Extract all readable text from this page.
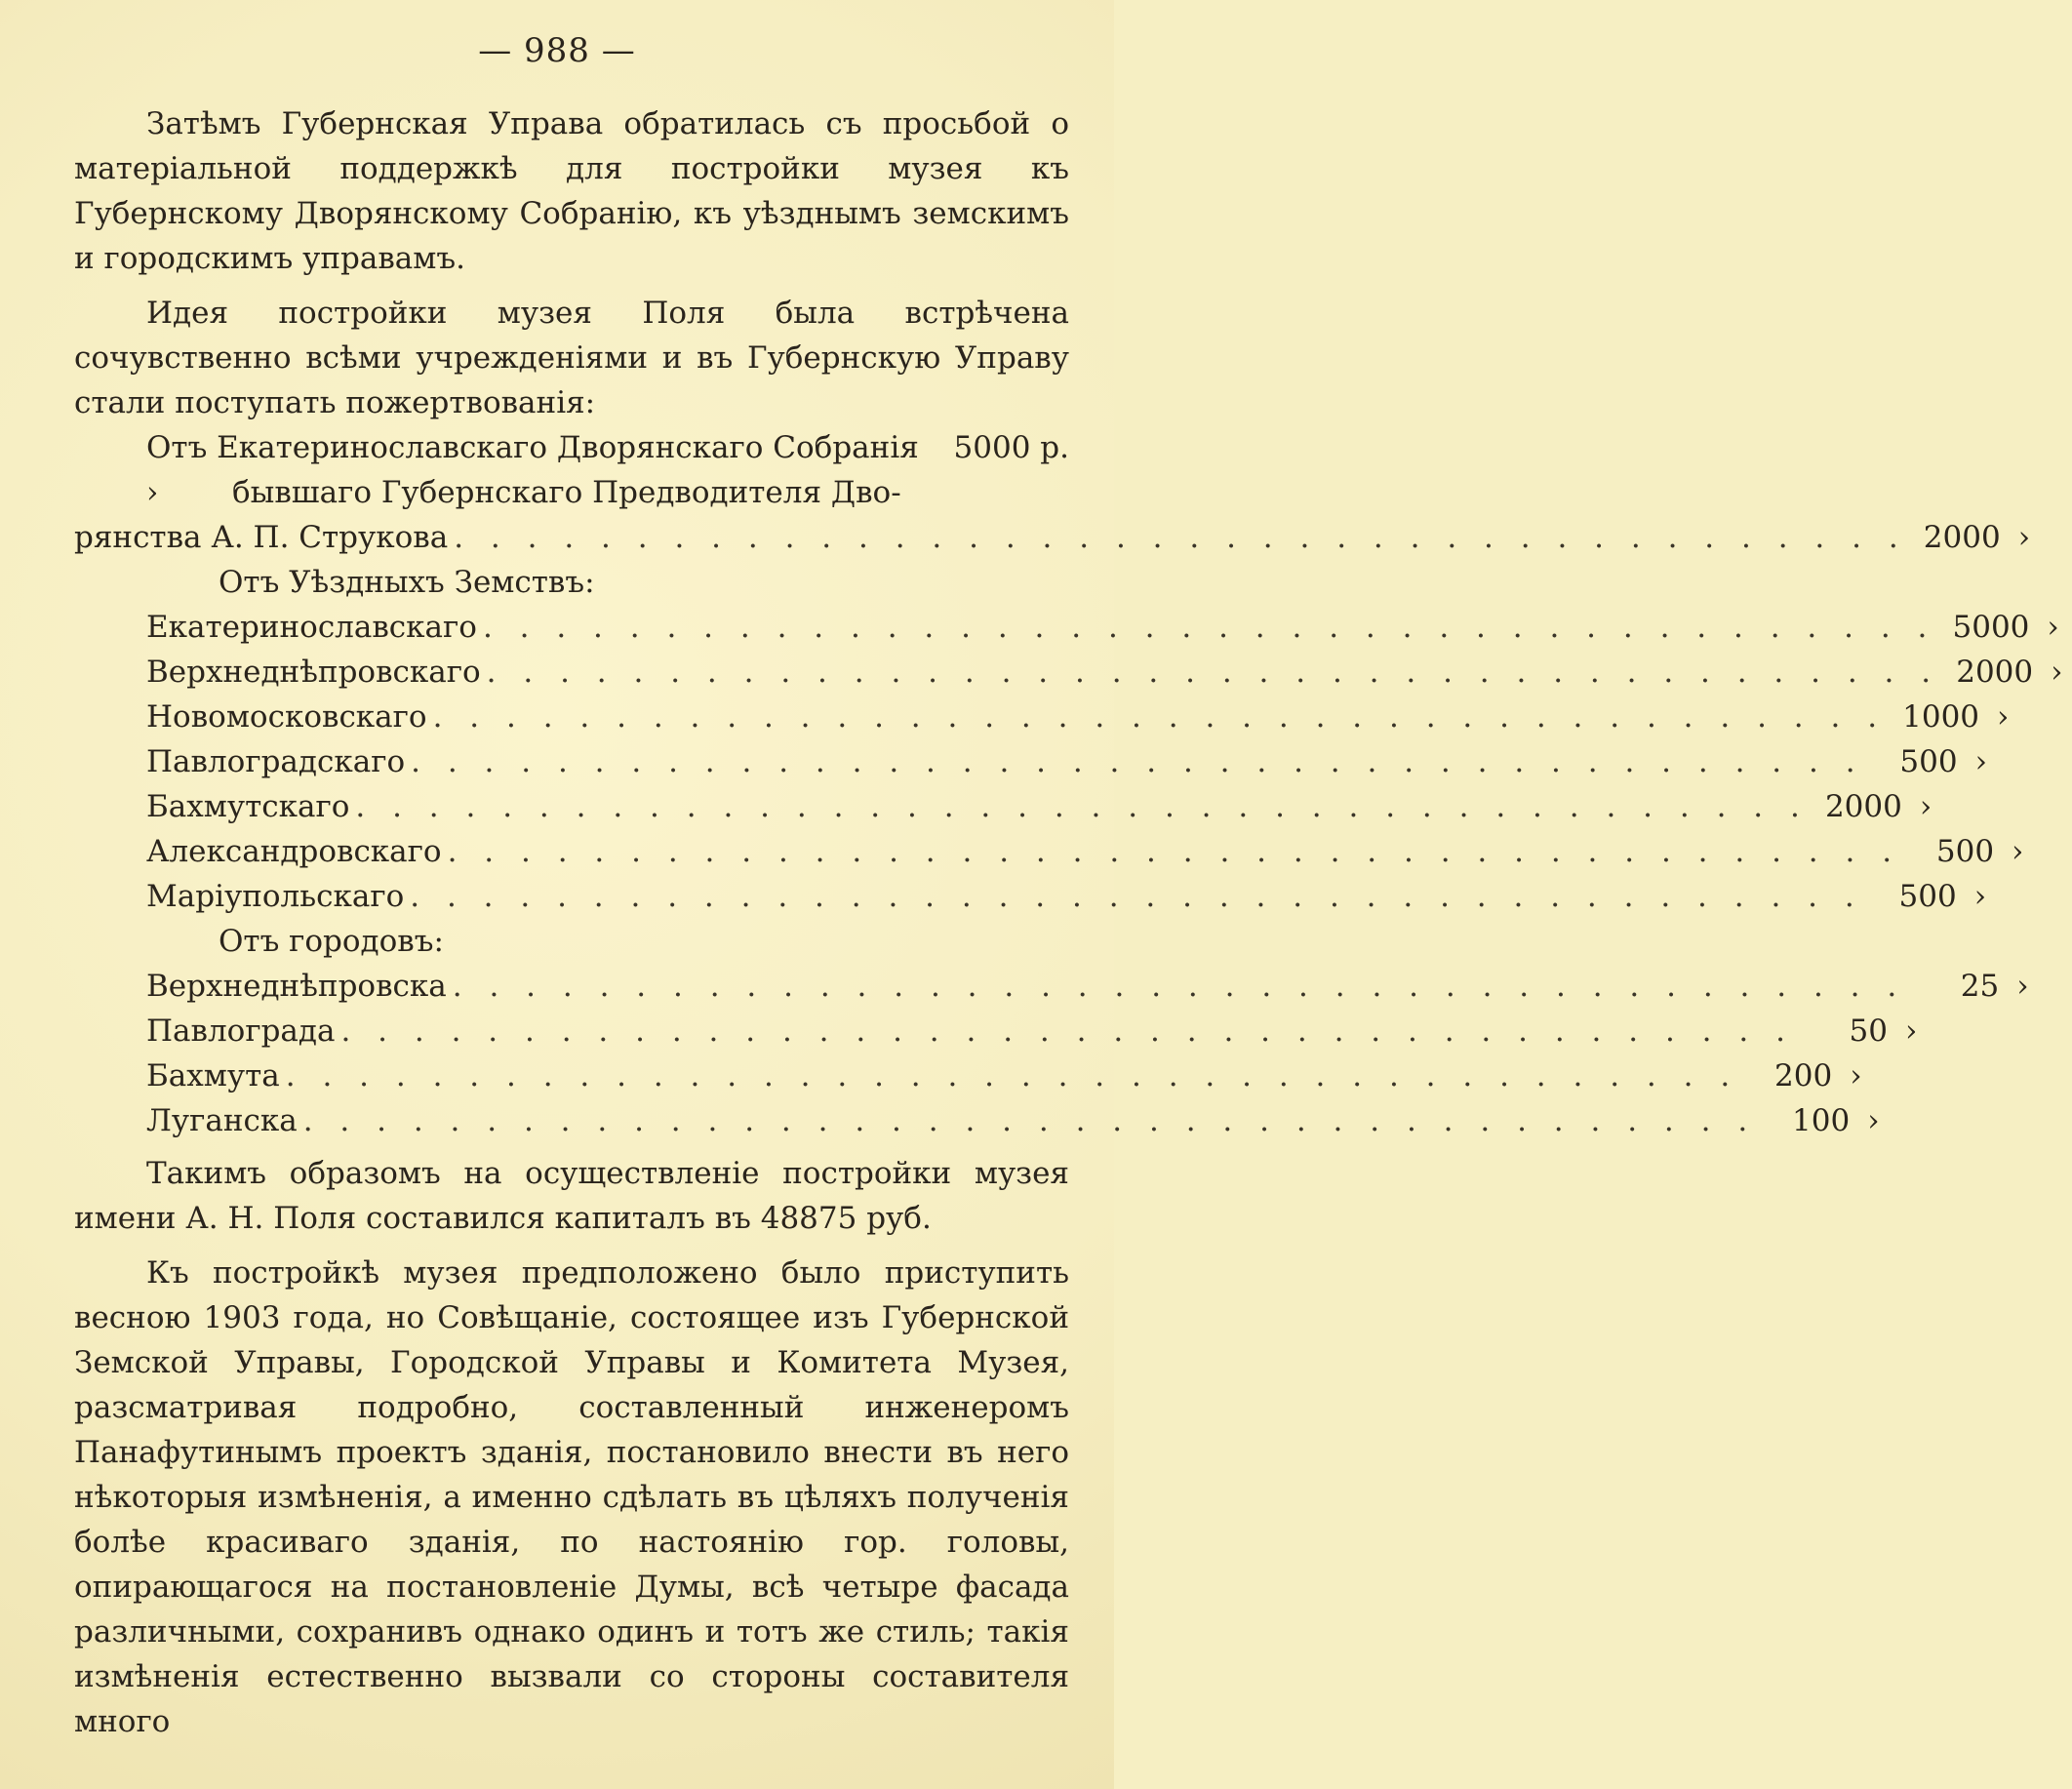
— 988 —

Затѣмъ Губернская Управа обратилась съ просьбой о матеріальной поддержкѣ для постройки музея къ Губернскому Дворянскому Собранію, къ уѣзднымъ земскимъ и городскимъ управамъ.

Идея постройки музея Поля была встрѣчена сочувственно всѣми учрежденіями и въ Губернскую Управу стали поступать пожертвованія:

Отъ Екатеринославскаго Дворянскаго Собранія	5000 р.
›	бывшаго Губернскаго Предводителя Дво-
рянства А. П. Струкова . . . . . . . . . . . . . . . . . . . . . . . . . . . . . . . . . . . . . . . . 2000 ›
Отъ Уѣздныхъ Земствъ:
Екатеринославскаго . . . . . . . . . . . . . . . . . . . . . . . . . . . . . . . . . . . . . . . . 5000 ›
Верхнеднѣпровскаго . . . . . . . . . . . . . . . . . . . . . . . . . . . . . . . . . . . . . . . . 2000 ›
Новомосковскаго . . . . . . . . . . . . . . . . . . . . . . . . . . . . . . . . . . . . . . . . 1000 ›
Павлоградскаго . . . . . . . . . . . . . . . . . . . . . . . . . . . . . . . . . . . . . . . .	500 ›
Бахмутскаго . . . . . . . . . . . . . . . . . . . . . . . . . . . . . . . . . . . . . . . . 2000 ›
Александровскаго . . . . . . . . . . . . . . . . . . . . . . . . . . . . . . . . . . . . . . . .	500 ›
Маріупольскаго . . . . . . . . . . . . . . . . . . . . . . . . . . . . . . . . . . . . . . . .	500 ›
Отъ городовъ:
Верхнеднѣпровска . . . . . . . . . . . . . . . . . . . . . . . . . . . . . . . . . . . . . . . .	25 ›
Павлограда . . . . . . . . . . . . . . . . . . . . . . . . . . . . . . . . . . . . . . . .	50 ›
Бахмута . . . . . . . . . . . . . . . . . . . . . . . . . . . . . . . . . . . . . . . .	200 ›
Луганска . . . . . . . . . . . . . . . . . . . . . . . . . . . . . . . . . . . . . . . .	100 ›

Такимъ образомъ на осуществленіе постройки музея имени А. Н. Поля составился капиталъ въ 48875 руб.

Къ постройкѣ музея предположено было приступить весною 1903 года, но Совѣщаніе, состоящее изъ Губернской Земской Управы, Городской Управы и Комитета Музея, разсматривая подробно, составленный инженеромъ Панафутинымъ проектъ зданія, постановило внести въ него нѣкоторыя измѣненія, а именно сдѣлать въ цѣляхъ полученія болѣе красиваго зданія, по настоянію гор. головы, опирающагося на постановленіе Думы, всѣ четыре фасада различными, сохранивъ однако одинъ и тотъ же стиль; такія измѣненія естественно вызвали со стороны составителя много
